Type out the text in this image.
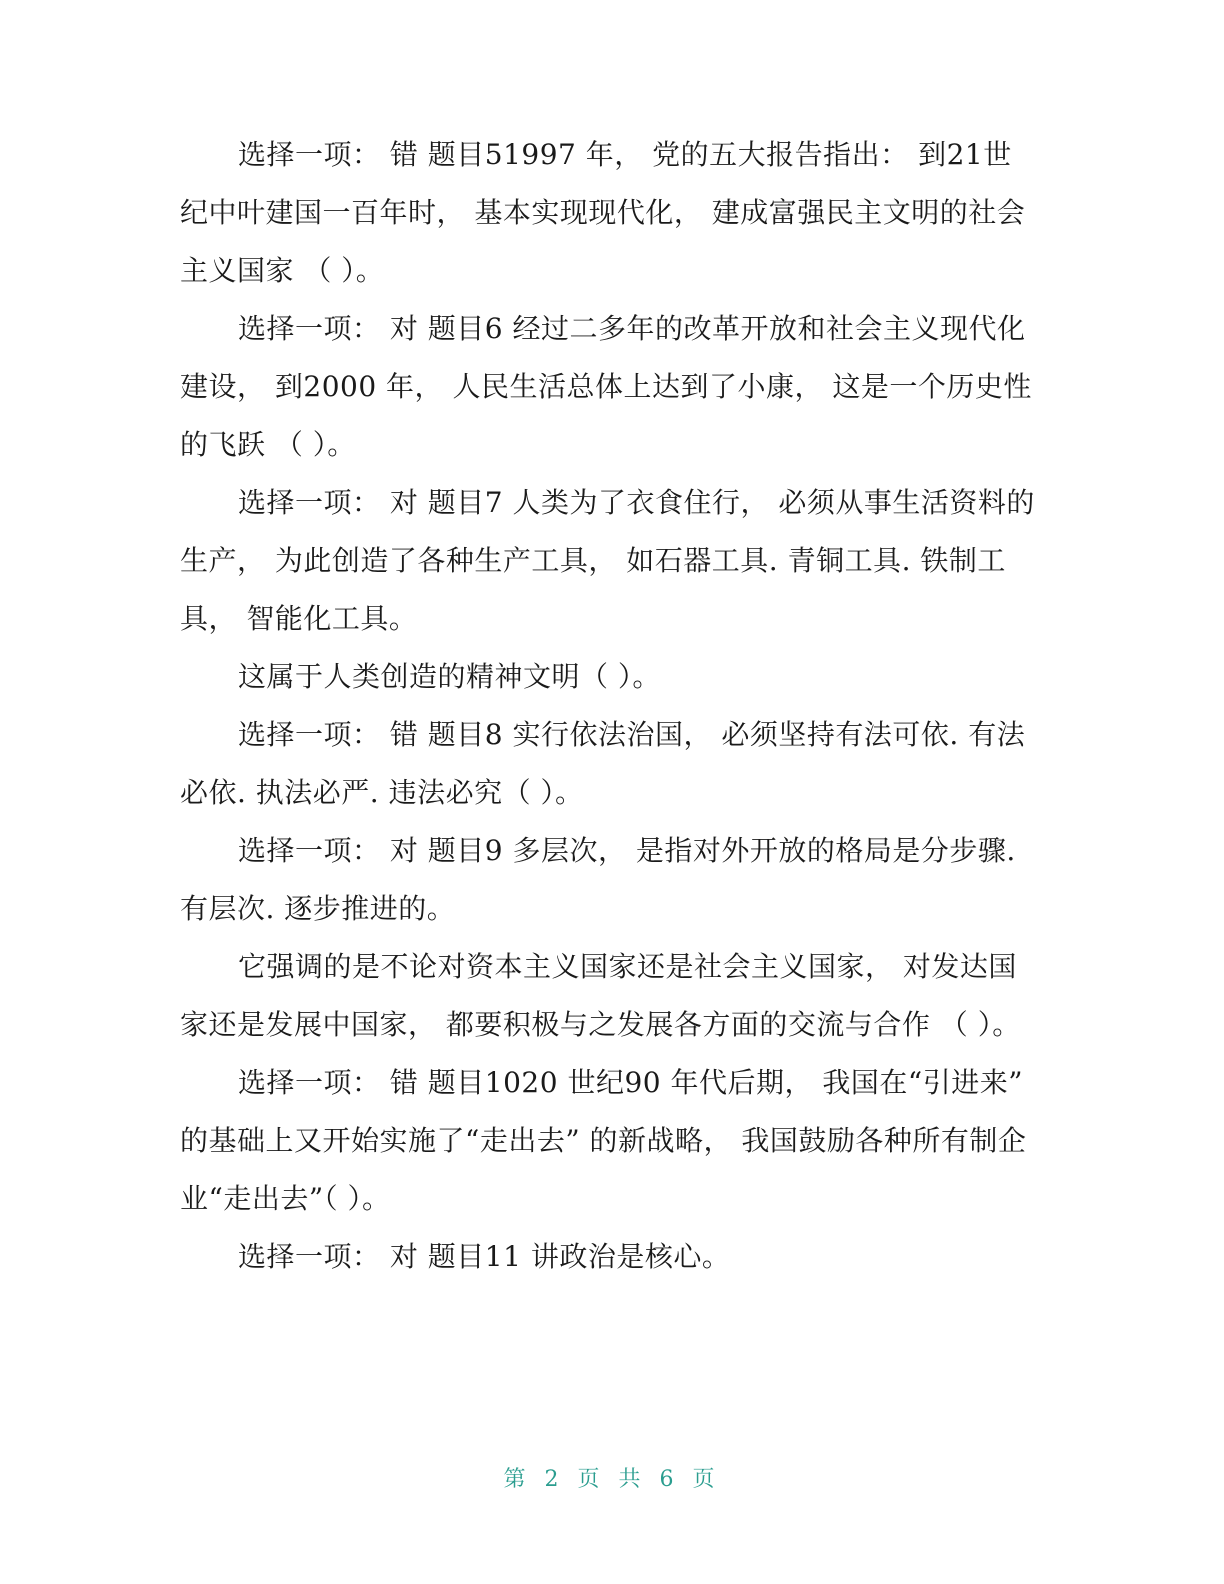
选择一项： 错 题目51997 年， 党的五大报告指出： 到21世纪中叶建国一百年时， 基本实现现代化， 建成富强民主文明的社会主义国家 （ ）。

选择一项： 对 题目6 经过二多年的改革开放和社会主义现代化建设， 到2000 年， 人民生活总体上达到了小康， 这是一个历史性的飞跃 （ ）。

选择一项： 对 题目7 人类为了衣食住行， 必须从事生活资料的生产， 为此创造了各种生产工具， 如石器工具. 青铜工具. 铁制工具， 智能化工具。

这属于人类创造的精神文明（ ）。

选择一项： 错 题目8 实行依法治国， 必须坚持有法可依. 有法必依. 执法必严. 违法必究（ ）。

选择一项： 对 题目9 多层次， 是指对外开放的格局是分步骤. 有层次. 逐步推进的。

它强调的是不论对资本主义国家还是社会主义国家， 对发达国家还是发展中国家， 都要积极与之发展各方面的交流与合作 （ ）。

选择一项： 错 题目1020 世纪90 年代后期， 我国在“引进来” 的基础上又开始实施了“走出去” 的新战略， 我国鼓励各种所有制企业“走出去”（ ）。

选择一项： 对 题目11 讲政治是核心。

第 2 页 共 6 页
